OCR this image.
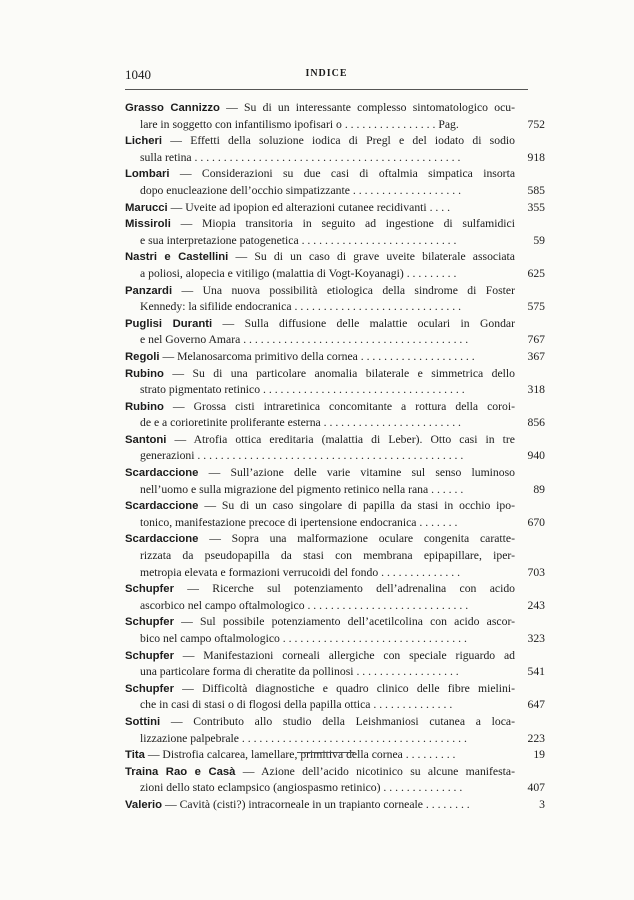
1040	INDICE
Grasso Cannizzo — Su di un interessante complesso sintomatologico ocu-
lare in soggetto con infantilismo ipofisari o . . . . . . . . . . . . . . . . Pag.	752
Licheri — Effetti della soluzione iodica di Pregl e del iodato di sodio
sulla retina . . . . . . . . . . . . . . . . . . . . . . . . . . . . . . . . . . . . . . . . . . . . . .	918
Lombari — Considerazioni su due casi di oftalmia simpatica insorta
dopo enucleazione dell’occhio simpatizzante . . . . . . . . . . . . . . . . . . .	585
Marucci — Uveite ad ipopion ed alterazioni cutanee recidivanti . . . .	355
Missiroli — Miopia transitoria in seguito ad ingestione di sulfamidici
e sua interpretazione patogenetica . . . . . . . . . . . . . . . . . . . . . . . . . . .	59
Nastri e Castellini — Su di un caso di grave uveite bilaterale associata
a poliosi, alopecia e vitiligo (malattia di Vogt-Koyanagi) . . . . . . . . .	625
Panzardi — Una nuova possibilità etiologica della sindrome di Foster
Kennedy: la sifilide endocranica . . . . . . . . . . . . . . . . . . . . . . . . . . . . .	575
Puglisi Duranti — Sulla diffusione delle malattie oculari in Gondar
e nel Governo Amara . . . . . . . . . . . . . . . . . . . . . . . . . . . . . . . . . . . . . . .	767
Regoli — Melanosarcoma primitivo della cornea . . . . . . . . . . . . . . . . . . . .	367
Rubino — Su di una particolare anomalia bilaterale e simmetrica dello
strato pigmentato retinico . . . . . . . . . . . . . . . . . . . . . . . . . . . . . . . . . . .	318
Rubino — Grossa cisti intraretinica concomitante a rottura della coroi-
de e a corioretinite proliferante esterna . . . . . . . . . . . . . . . . . . . . . . . .	856
Santoni — Atrofia ottica ereditaria (malattia di Leber). Otto casi in tre
generazioni . . . . . . . . . . . . . . . . . . . . . . . . . . . . . . . . . . . . . . . . . . . . . .	940
Scardaccione — Sull’azione delle varie vitamine sul senso luminoso
nell’uomo e sulla migrazione del pigmento retinico nella rana . . . . . .	89
Scardaccione — Su di un caso singolare di papilla da stasi in occhio ipo-
tonico, manifestazione precoce di ipertensione endocranica . . . . . . .	670
Scardaccione — Sopra una malformazione oculare congenita caratte-
rizzata da pseudopapilla da stasi con membrana epipapillare, iper-
metropia elevata e formazioni verrucoidi del fondo . . . . . . . . . . . . . .	703
Schupfer — Ricerche sul potenziamento dell’adrenalina con acido
ascorbico nel campo oftalmologico . . . . . . . . . . . . . . . . . . . . . . . . . . . .	243
Schupfer — Sul possibile potenziamento dell’acetilcolina con acido ascor-
bico nel campo oftalmologico . . . . . . . . . . . . . . . . . . . . . . . . . . . . . . . .	323
Schupfer — Manifestazioni corneali allergiche con speciale riguardo ad
una particolare forma di cheratite da pollinosi . . . . . . . . . . . . . . . . . .	541
Schupfer — Difficoltà diagnostiche e quadro clinico delle fibre mielini-
che in casi di stasi o di flogosi della papilla ottica . . . . . . . . . . . . . .	647
Sottini — Contributo allo studio della Leishmaniosi cutanea a loca-
lizzazione palpebrale . . . . . . . . . . . . . . . . . . . . . . . . . . . . . . . . . . . . . . .	223
Tita — Distrofia calcarea, lamellare, primitiva della cornea . . . . . . . . .	19
Traina Rao e Casà — Azione dell’acido nicotinico su alcune manifesta-
zioni dello stato eclampsico (angiospasmo retinico) . . . . . . . . . . . . . .	407
Valerio — Cavità (cisti?) intracorneale in un trapianto corneale . . . . . . . .	3
